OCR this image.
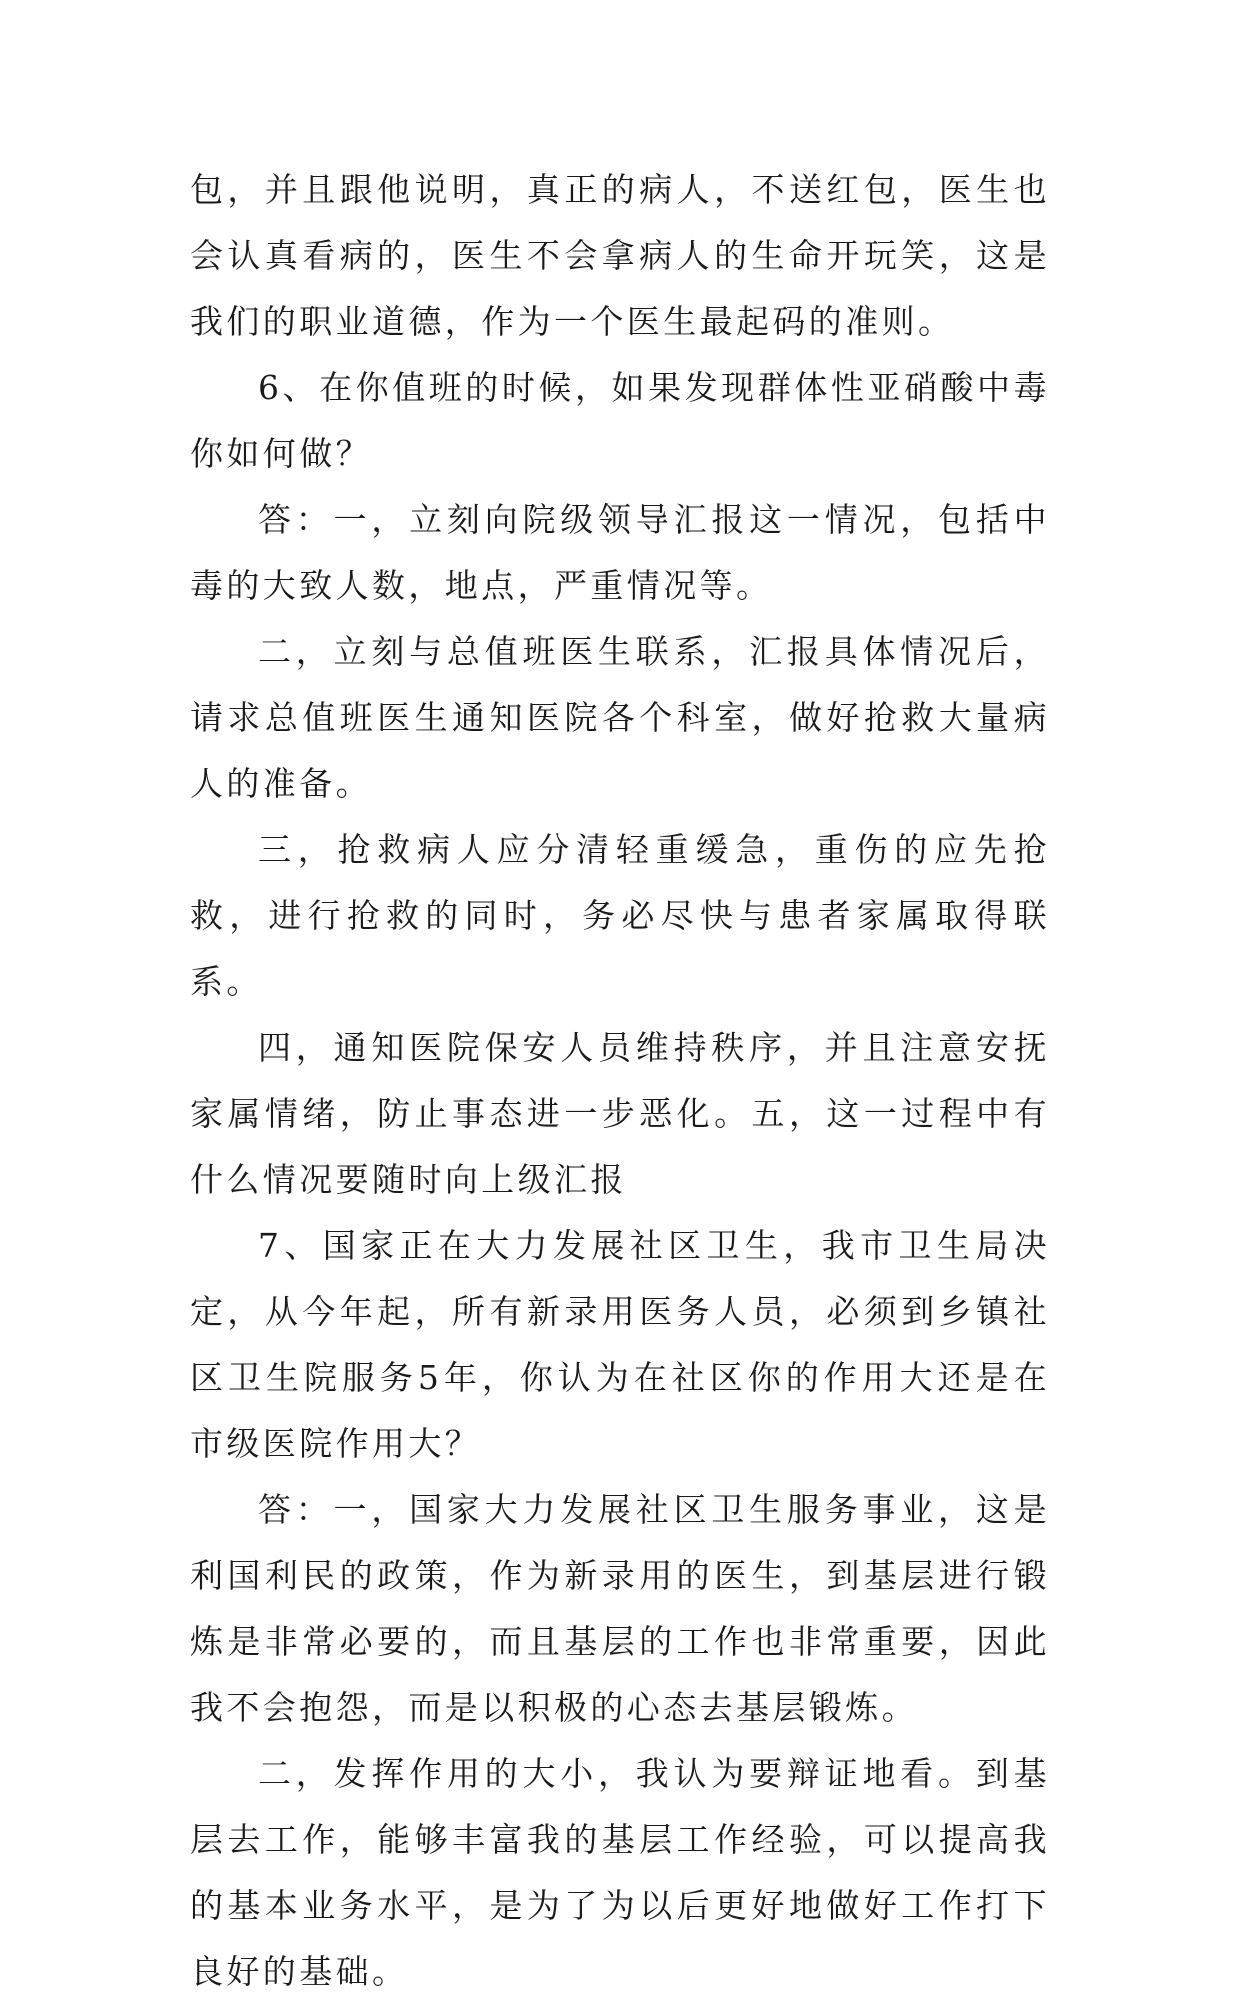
包，并且跟他说明，真正的病人，不送红包，医生也会认真看病的，医生不会拿病人的生命开玩笑，这是我们的职业道德，作为一个医生最起码的准则。

6、在你值班的时候，如果发现群体性亚硝酸中毒你如何做？

答：一，立刻向院级领导汇报这一情况，包括中毒的大致人数，地点，严重情况等。

二，立刻与总值班医生联系，汇报具体情况后，请求总值班医生通知医院各个科室，做好抢救大量病人的准备。

三，抢救病人应分清轻重缓急，重伤的应先抢救，进行抢救的同时，务必尽快与患者家属取得联系。

四，通知医院保安人员维持秩序，并且注意安抚家属情绪，防止事态进一步恶化。五，这一过程中有什么情况要随时向上级汇报

7、国家正在大力发展社区卫生，我市卫生局决定，从今年起，所有新录用医务人员，必须到乡镇社区卫生院服务5年，你认为在社区你的作用大还是在市级医院作用大？

答：一，国家大力发展社区卫生服务事业，这是利国利民的政策，作为新录用的医生，到基层进行锻炼是非常必要的，而且基层的工作也非常重要，因此我不会抱怨，而是以积极的心态去基层锻炼。

二，发挥作用的大小，我认为要辩证地看。到基层去工作，能够丰富我的基层工作经验，可以提高我的基本业务水平，是为了为以后更好地做好工作打下良好的基础。
